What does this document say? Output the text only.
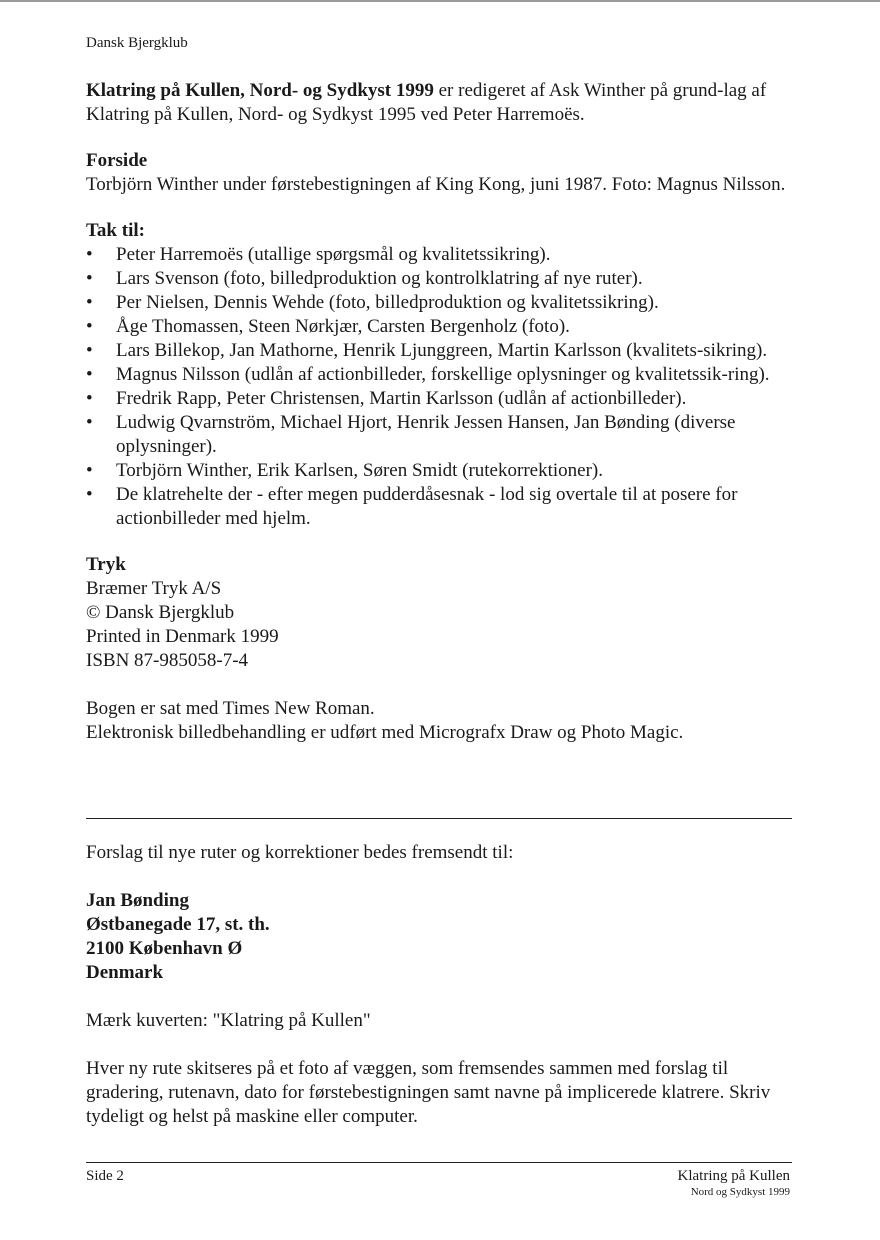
Dansk Bjergklub

Klatring på Kullen, Nord- og Sydkyst 1999 er redigeret af Ask Winther på grund-lag af Klatring på Kullen, Nord- og Sydkyst 1995 ved Peter Harremoës.

Forside

Torbjörn Winther under førstebestigningen af King Kong, juni 1987. Foto: Magnus Nilsson.

Tak til:

• Peter Harremoës (utallige spørgsmål og kvalitetssikring).
• Lars Svenson (foto, billedproduktion og kontrolklatring af nye ruter).
• Per Nielsen, Dennis Wehde (foto, billedproduktion og kvalitetssikring).
• Åge Thomassen, Steen Nørkjær, Carsten Bergenholz (foto).
• Lars Billekop, Jan Mathorne, Henrik Ljunggreen, Martin Karlsson (kvalitets-sikring).
• Magnus Nilsson (udlån af actionbilleder, forskellige oplysninger og kvalitetssik-ring).
• Fredrik Rapp, Peter Christensen, Martin Karlsson (udlån af actionbilleder).
• Ludwig Qvarnström, Michael Hjort, Henrik Jessen Hansen, Jan Bønding (diverse oplysninger).
• Torbjörn Winther, Erik Karlsen, Søren Smidt (rutekorrektioner).
• De klatrehelte der - efter megen pudderdåsesnak - lod sig overtale til at posere for actionbilleder med hjelm.

Tryk

Bræmer Tryk A/S

© Dansk Bjergklub

Printed in Denmark 1999

ISBN 87-985058-7-4

Bogen er sat med Times New Roman.

Elektronisk billedbehandling er udført med Micrografx Draw og Photo Magic.

Forslag til nye ruter og korrektioner bedes fremsendt til:

Jan Bønding

Østbanegade 17, st. th.

2100 København Ø

Denmark

Mærk kuverten: "Klatring på Kullen"

Hver ny rute skitseres på et foto af væggen, som fremsendes sammen med forslag til gradering, rutenavn, dato for førstebestigningen samt navne på implicerede klatrere. Skriv tydeligt og helst på maskine eller computer.

Side 2	Klatring på Kullen
Nord og Sydkyst 1999
